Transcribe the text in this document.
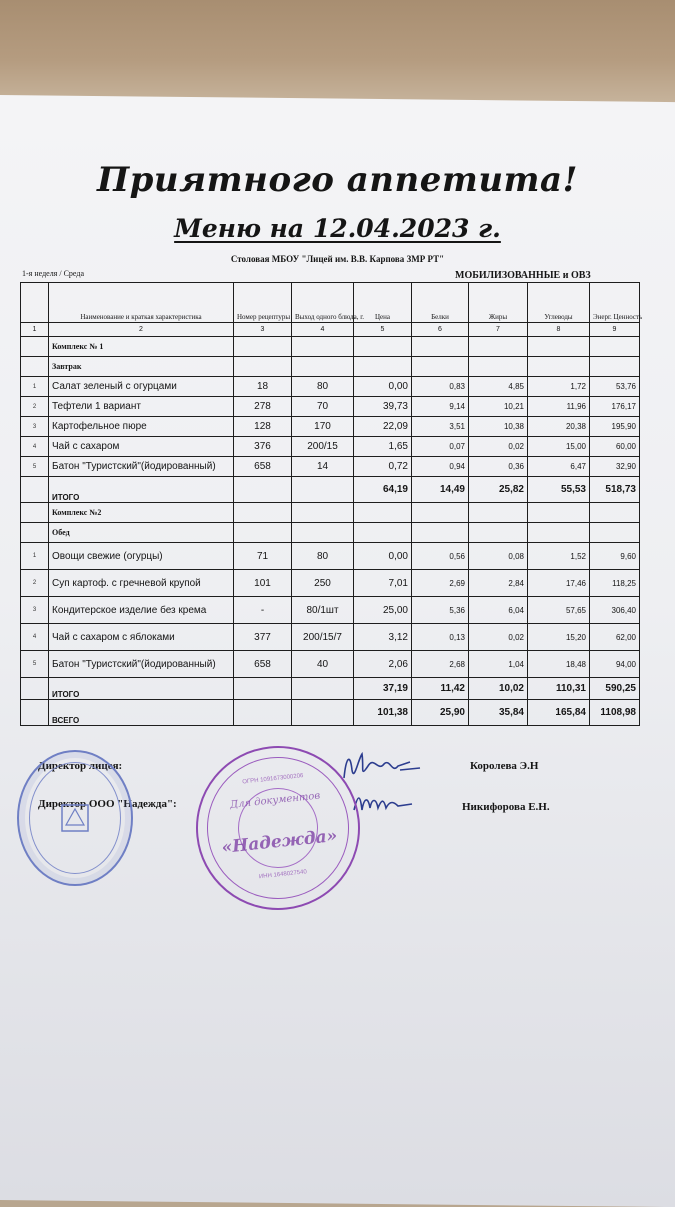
Приятного аппетита!
Меню на 12.04.2023 г.
Столовая МБОУ "Лицей им. В.В. Карпова ЗМР РТ"
1-я неделя / Среда	МОБИЛИЗОВАННЫЕ и ОВЗ
	Наименование и краткая характеристика	Номер рецептуры	Выход одного блюда, г.	Цена	Белки	Жиры	Углеводы	Энерг. Ценность
1	2	3	4	5	6	7	8	9
	Комплекс № 1							
	Завтрак							
1	Салат зеленый с огурцами	18	80	0,00	0,83	4,85	1,72	53,76
2	Тефтели 1 вариант	278	70	39,73	9,14	10,21	11,96	176,17
3	Картофельное пюре	128	170	22,09	3,51	10,38	20,38	195,90
4	Чай с сахаром	376	200/15	1,65	0,07	0,02	15,00	60,00
5	Батон "Туристский"(йодированный)	658	14	0,72	0,94	0,36	6,47	32,90
	ИТОГО			64,19	14,49	25,82	55,53	518,73
	Комплекс №2							
	Обед							
1	Овощи свежие (огурцы)	71	80	0,00	0,56	0,08	1,52	9,60
2	Суп картоф. с гречневой крупой	101	250	7,01	2,69	2,84	17,46	118,25
3	Кондитерское изделие без крема	-	80/1шт	25,00	5,36	6,04	57,65	306,40
4	Чай с сахаром с яблоками	377	200/15/7	3,12	0,13	0,02	15,20	62,00
5	Батон "Туристский"(йодированный)	658	40	2,06	2,68	1,04	18,48	94,00
	ИТОГО			37,19	11,42	10,02	110,31	590,25
	ВСЕГО			101,38	25,90	35,84	165,84	1108,98
Директор лицея:	Королева Э.Н
Директор ООО "Надежда":	Никифорова Е.Н.
ОГРН 1091673000206
Для документов
«Надежда»
ИНН 1648027540
